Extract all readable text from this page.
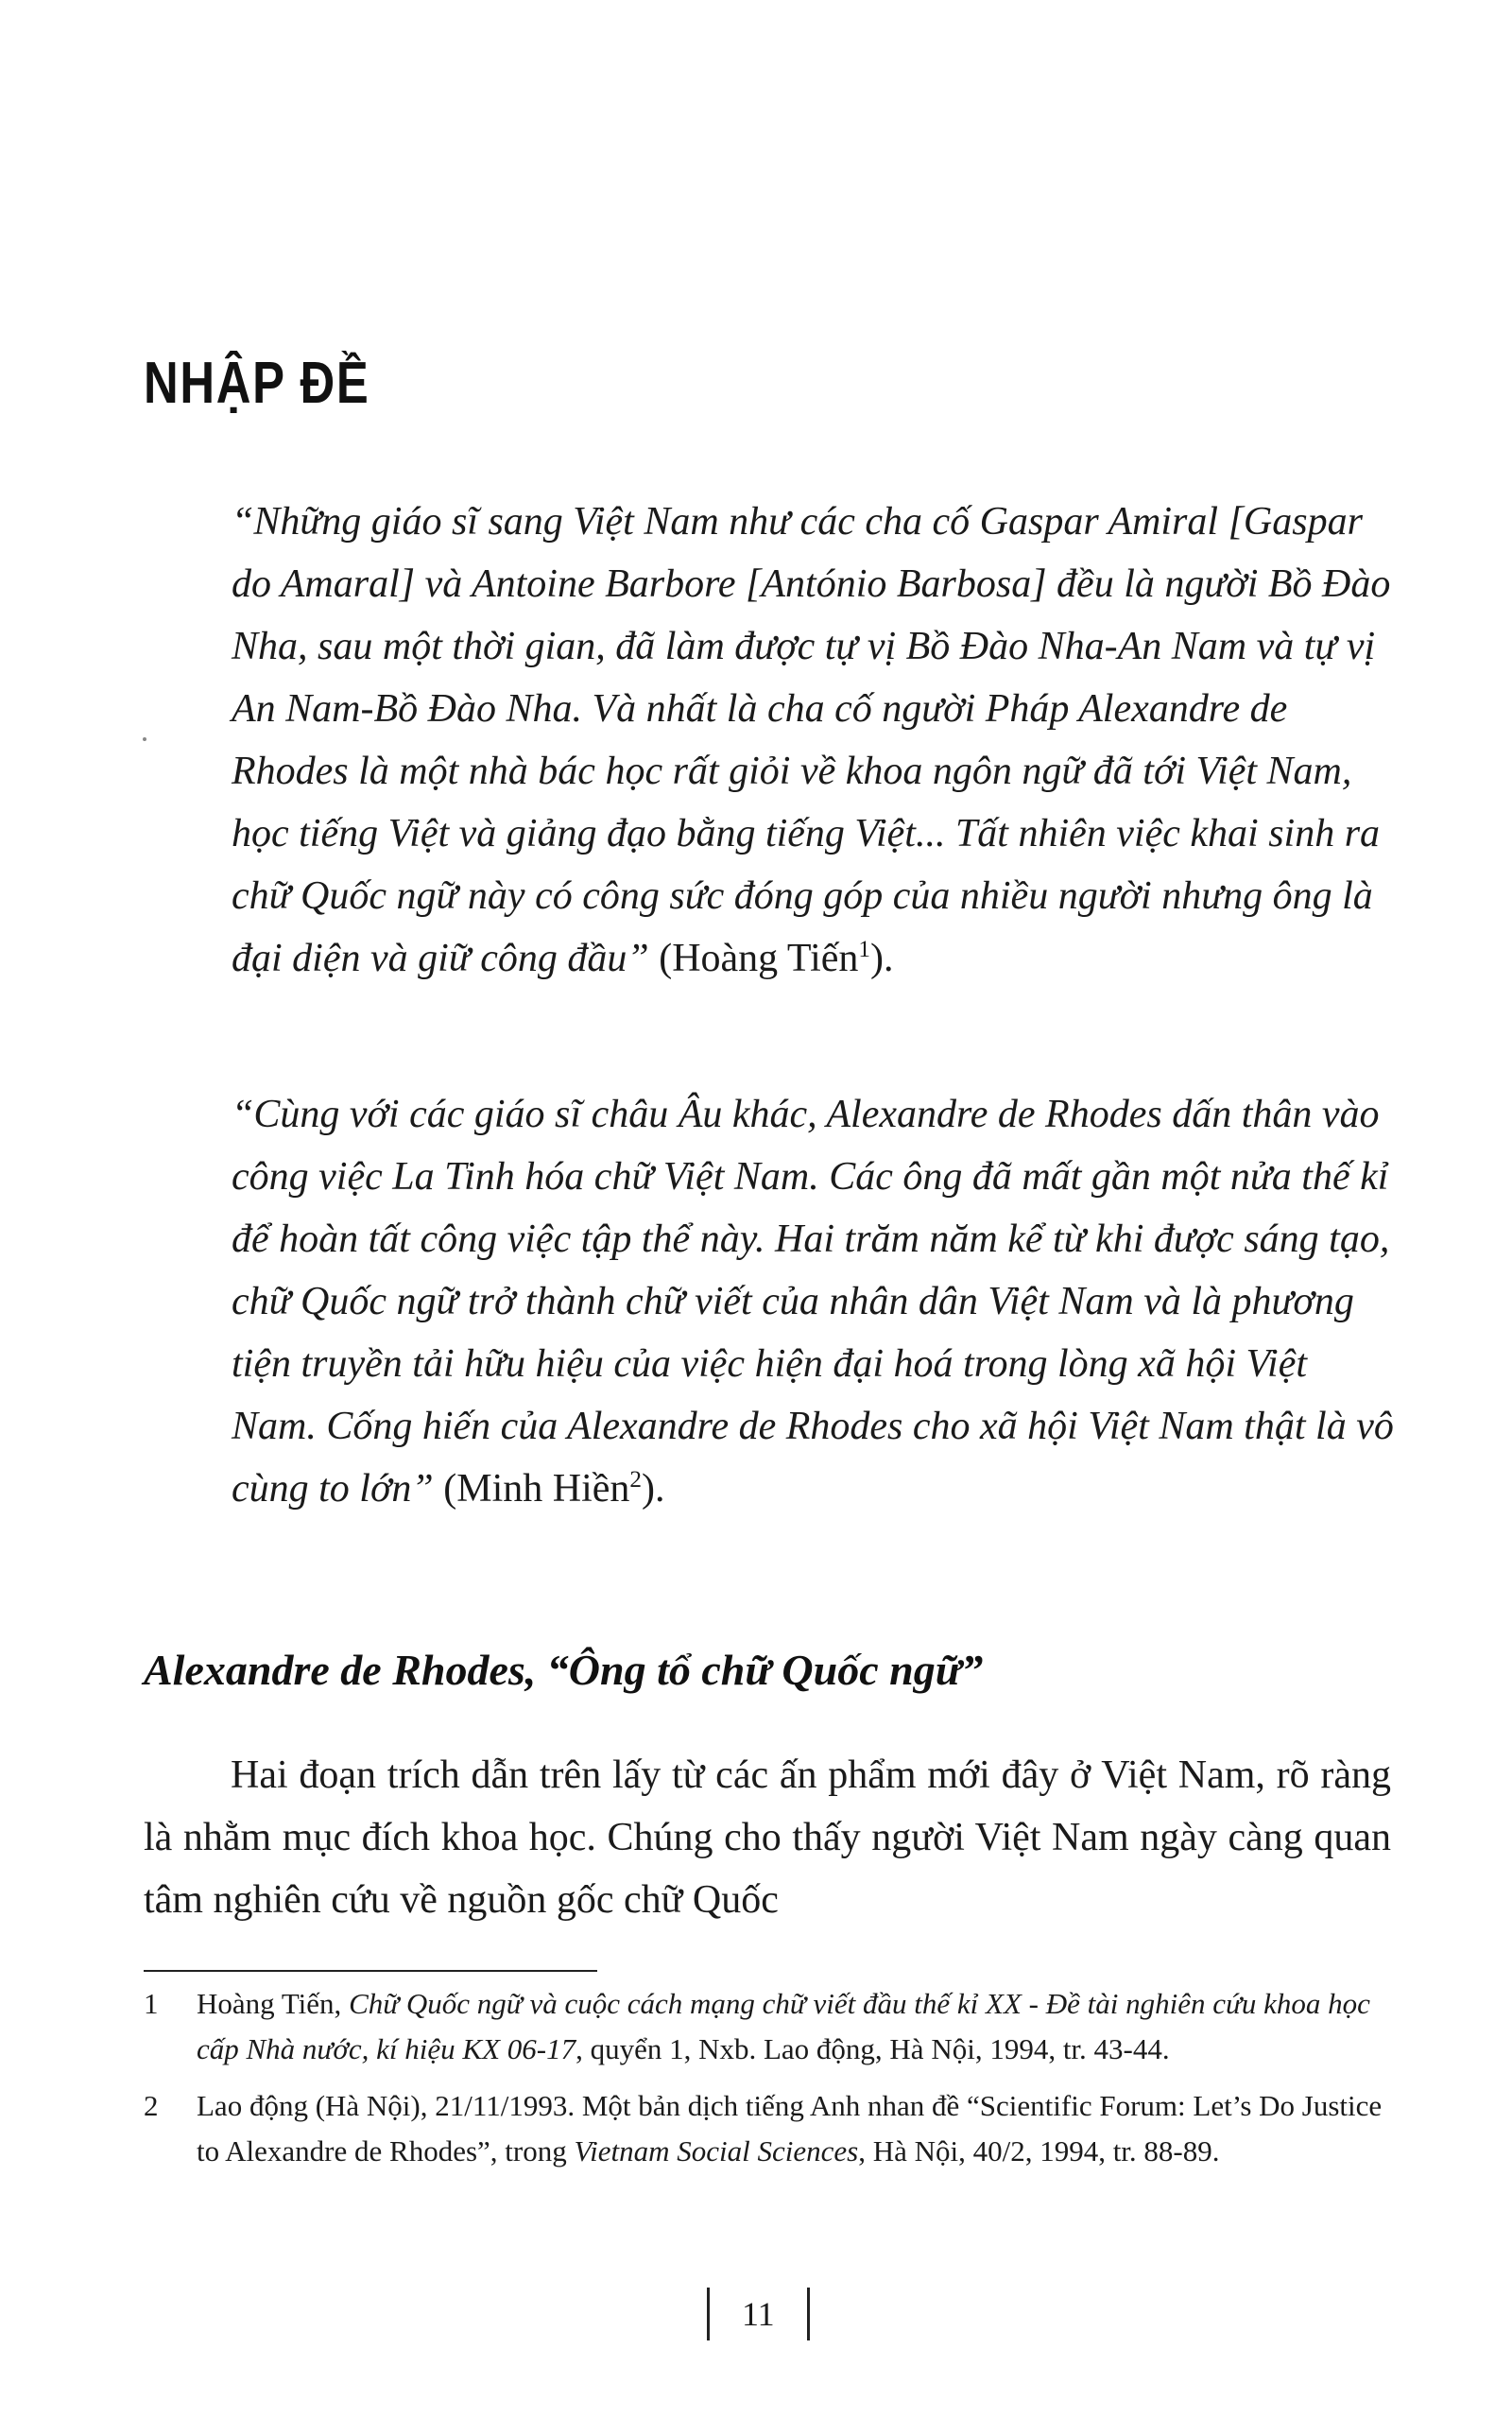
NHẬP ĐỀ

“Những giáo sĩ sang Việt Nam như các cha cố Gaspar Amiral [Gaspar do Amaral] và Antoine Barbore [António Barbosa] đều là người Bồ Đào Nha, sau một thời gian, đã làm được tự vị Bồ Đào Nha-An Nam và tự vị An Nam-Bồ Đào Nha. Và nhất là cha cố người Pháp Alexandre de Rhodes là một nhà bác học rất giỏi về khoa ngôn ngữ đã tới Việt Nam, học tiếng Việt và giảng đạo bằng tiếng Việt... Tất nhiên việc khai sinh ra chữ Quốc ngữ này có công sức đóng góp của nhiều người nhưng ông là đại diện và giữ công đầu” (Hoàng Tiến$^1$).

“Cùng với các giáo sĩ châu Âu khác, Alexandre de Rhodes dấn thân vào công việc La Tinh hóa chữ Việt Nam. Các ông đã mất gần một nửa thế kỉ để hoàn tất công việc tập thể này. Hai trăm năm kể từ khi được sáng tạo, chữ Quốc ngữ trở thành chữ viết của nhân dân Việt Nam và là phương tiện truyền tải hữu hiệu của việc hiện đại hoá trong lòng xã hội Việt Nam. Cống hiến của Alexandre de Rhodes cho xã hội Việt Nam thật là vô cùng to lớn” (Minh Hiền$^2$).

Alexandre de Rhodes, “Ông tổ chữ Quốc ngữ”

Hai đoạn trích dẫn trên lấy từ các ấn phẩm mới đây ở Việt Nam, rõ ràng là nhằm mục đích khoa học. Chúng cho thấy người Việt Nam ngày càng quan tâm nghiên cứu về nguồn gốc chữ Quốc

1 Hoàng Tiến, Chữ Quốc ngữ và cuộc cách mạng chữ viết đầu thế kỉ XX - Đề tài nghiên cứu khoa học cấp Nhà nước, kí hiệu KX 06-17, quyển 1, Nxb. Lao động, Hà Nội, 1994, tr. 43-44.
2 Lao động (Hà Nội), 21/11/1993. Một bản dịch tiếng Anh nhan đề “Scientific Forum: Let’s Do Justice to Alexandre de Rhodes”, trong Vietnam Social Sciences, Hà Nội, 40/2, 1994, tr. 88-89.
11
